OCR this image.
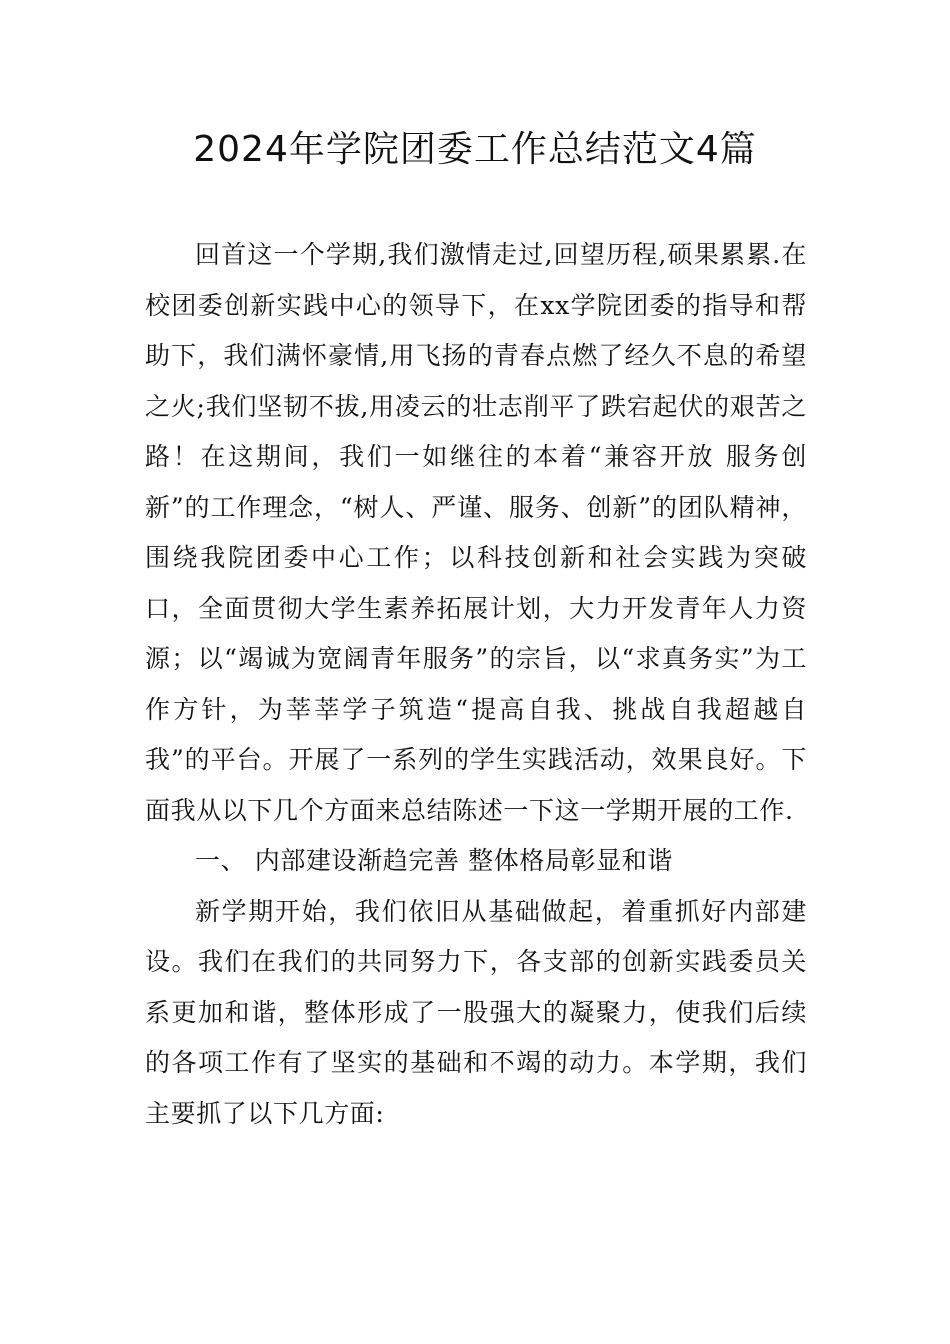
2024年学院团委工作总结范文4篇

回首这一个学期,我们激情走过,回望历程,硕果累累.在校团委创新实践中心的领导下，在xx学院团委的指导和帮助下，我们满怀豪情,用飞扬的青春点燃了经久不息的希望之火;我们坚韧不拔,用凌云的壮志削平了跌宕起伏的艰苦之路！在这期间，我们一如继往的本着“兼容开放 服务创新”的工作理念，“树人、严谨、服务、创新”的团队精神，围绕我院团委中心工作；以科技创新和社会实践为突破口，全面贯彻大学生素养拓展计划，大力开发青年人力资源；以“竭诚为宽阔青年服务”的宗旨，以“求真务实”为工作方针，为莘莘学子筑造“提高自我、挑战自我超越自我”的平台。开展了一系列的学生实践活动，效果良好。下面我从以下几个方面来总结陈述一下这一学期开展的工作.

一、 内部建设渐趋完善 整体格局彰显和谐

新学期开始，我们依旧从基础做起，着重抓好内部建设。我们在我们的共同努力下，各支部的创新实践委员关系更加和谐，整体形成了一股强大的凝聚力，使我们后续的各项工作有了坚实的基础和不竭的动力。本学期，我们主要抓了以下几方面:
